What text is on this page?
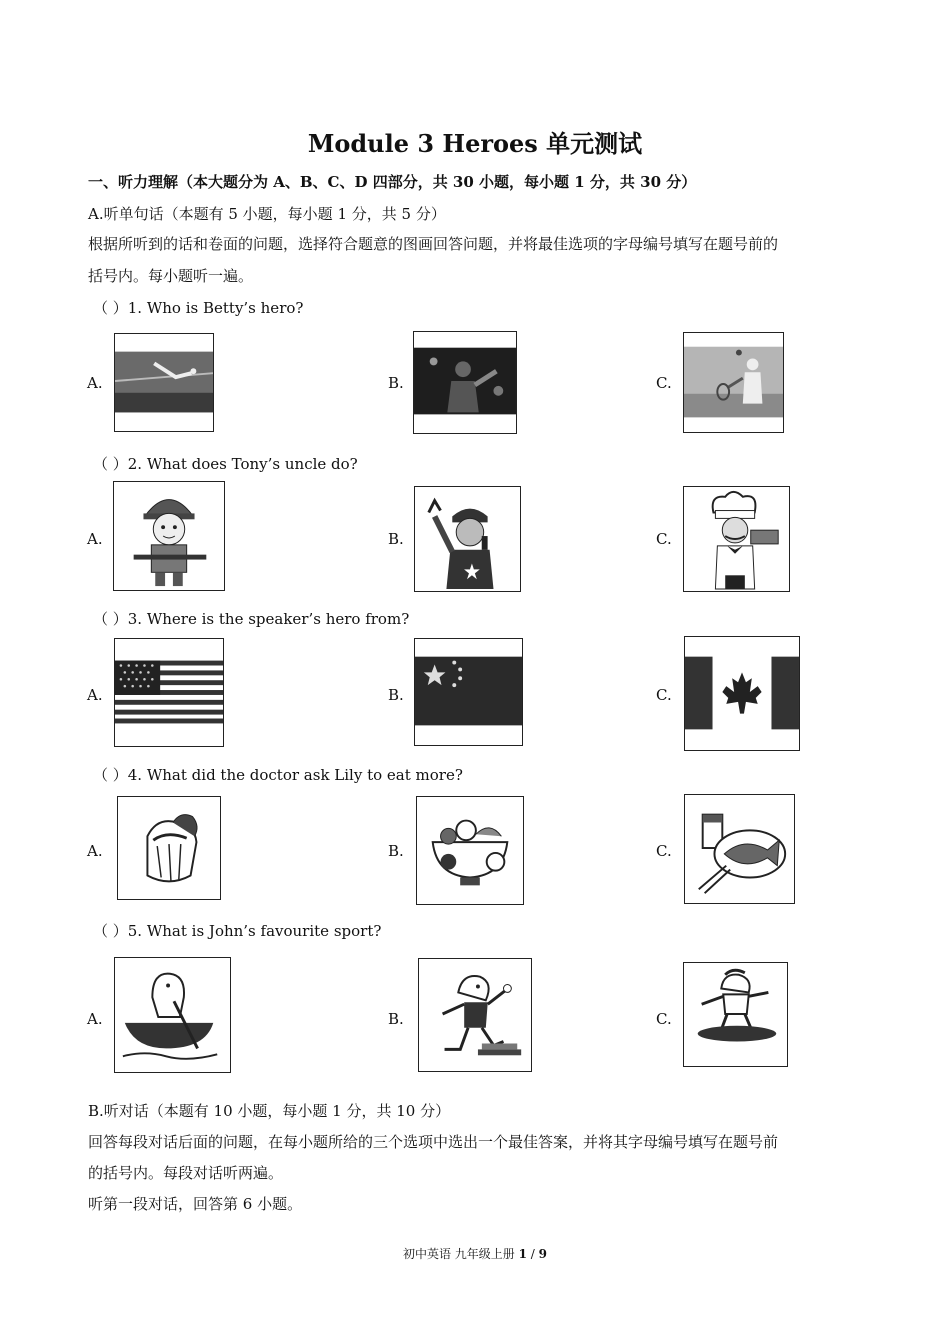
Module 3 Heroes 单元测试
一、听力理解（本大题分为 A、B、C、D 四部分，共 30 小题，每小题 1 分，共 30 分）
A.听单句话（本题有 5 小题，每小题 1 分，共 5 分）
根据所听到的话和卷面的问题，选择符合题意的图画回答问题，并将最佳选项的字母编号填写在题号前的
括号内。每小题听一遍。
（ ）1. Who is Betty’s hero?
A.	B.	C.
（ ）2. What does Tony’s uncle do?
A.	B.	C.
（ ）3. Where is the speaker’s hero from?
A.	B.	C.
（ ）4. What did the doctor ask Lily to eat more?
A.	B.	C.
（ ）5. What is John’s favourite sport?
A.	B.	C.
B.听对话（本题有 10 小题，每小题 1 分，共 10 分）
回答每段对话后面的问题，在每小题所给的三个选项中选出一个最佳答案，并将其字母编号填写在题号前
的括号内。每段对话听两遍。
听第一段对话，回答第 6 小题。
初中英语 九年级上册 1 / 9
